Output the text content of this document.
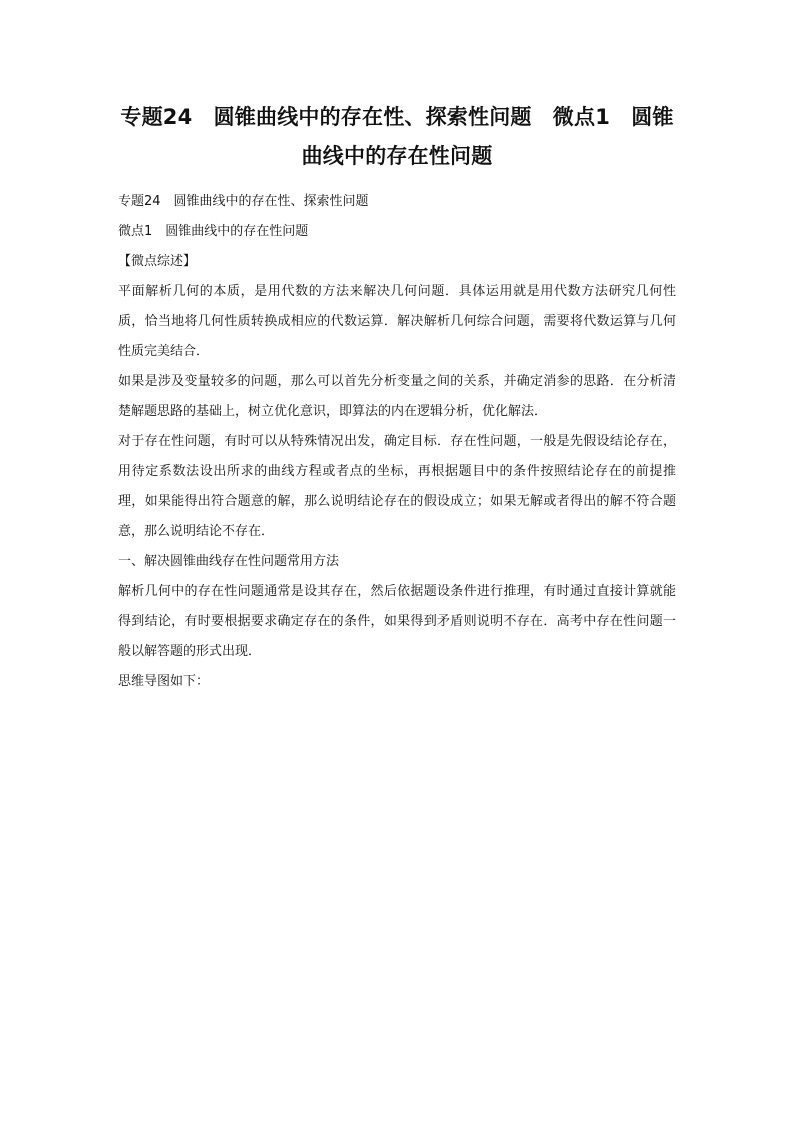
专题24　圆锥曲线中的存在性、探索性问题　微点1　圆锥曲线中的存在性问题
专题24　圆锥曲线中的存在性、探索性问题
微点1　圆锥曲线中的存在性问题
【微点综述】
平面解析几何的本质，是用代数的方法来解决几何问题．具体运用就是用代数方法研究几何性质，恰当地将几何性质转换成相应的代数运算．解决解析几何综合问题，需要将代数运算与几何性质完美结合．
如果是涉及变量较多的问题，那么可以首先分析变量之间的关系，并确定消参的思路．在分析清楚解题思路的基础上，树立优化意识，即算法的内在逻辑分析，优化解法．
对于存在性问题，有时可以从特殊情况出发，确定目标．存在性问题，一般是先假设结论存在，用待定系数法设出所求的曲线方程或者点的坐标，再根据题目中的条件按照结论存在的前提推理，如果能得出符合题意的解，那么说明结论存在的假设成立；如果无解或者得出的解不符合题意，那么说明结论不存在．
一、解决圆锥曲线存在性问题常用方法
解析几何中的存在性问题通常是设其存在，然后依据题设条件进行推理，有时通过直接计算就能得到结论，有时要根据要求确定存在的条件，如果得到矛盾则说明不存在．高考中存在性问题一般以解答题的形式出现．
思维导图如下：
